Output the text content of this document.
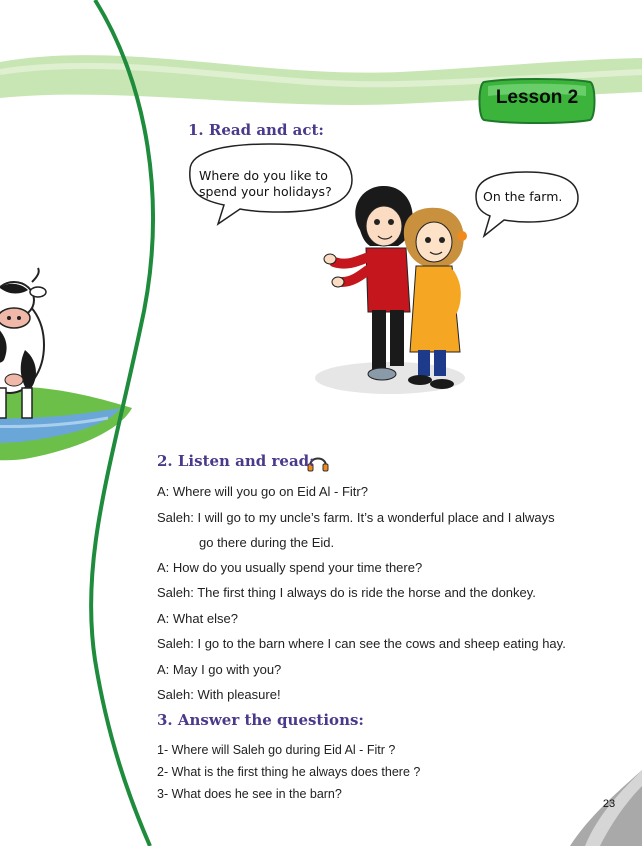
Lesson 2
1. Read and act:
Where do you like to
spend your holidays?	On the farm.
2. Listen and read:
A: Where will you go on Eid Al - Fitr?
Saleh: I will go to my uncle’s farm. It’s a wonderful place and I always
go there during the Eid.
A: How do you usually spend your time there?
Saleh: The first thing I always do is ride the horse and the donkey.
A: What else?
Saleh: I go to the barn where I can see the cows and sheep eating hay.
A: May I go with you?
Saleh: With pleasure!
3. Answer the questions:
1- Where will Saleh go during Eid Al - Fitr ?
2- What is the first thing he always does there ?
3- What does he see in the barn?
23
